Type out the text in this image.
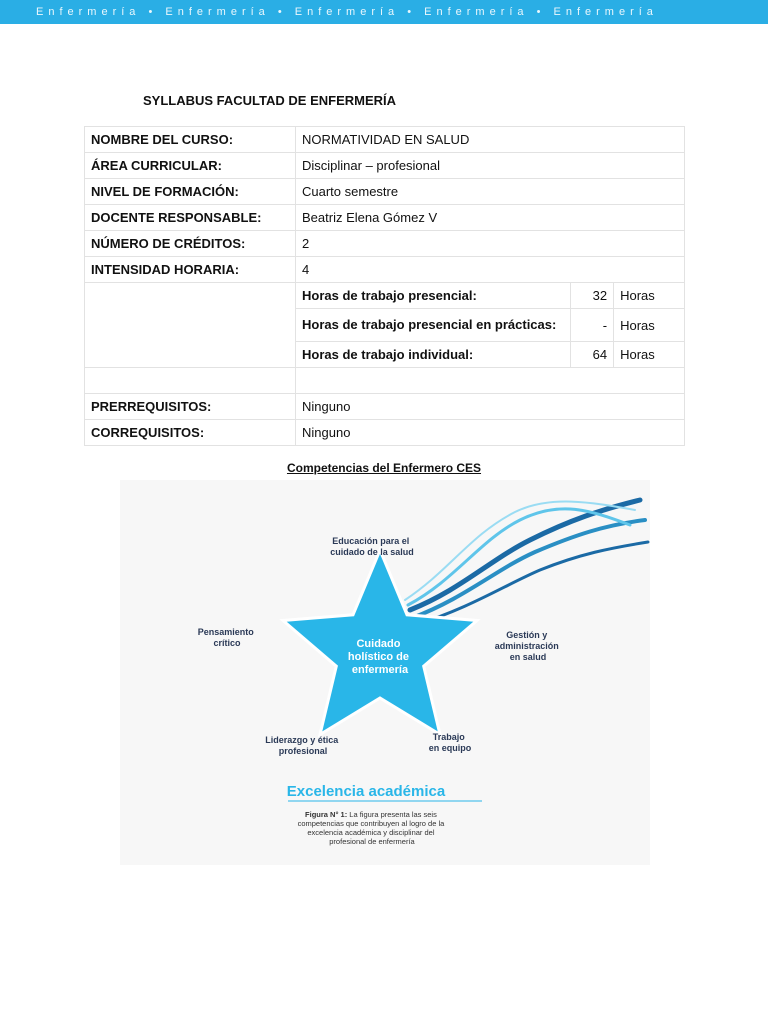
Enfermería • Enfermería • Enfermería • Enfermería • Enfermería
SYLLABUS FACULTAD DE ENFERMERÍA
NOMBRE DEL CURSO:	NORMATIVIDAD EN SALUD
ÁREA CURRICULAR:	Disciplinar – profesional
NIVEL DE FORMACIÓN:	Cuarto semestre
DOCENTE RESPONSABLE:	Beatriz Elena Gómez V
NÚMERO DE CRÉDITOS:	2
INTENSIDAD HORARIA:	4

Horas de trabajo presencial:	32	Horas
Horas de trabajo presencial en prácticas:	-	Horas
Horas de trabajo individual:	64	Horas

PRERREQUISITOS:	Ninguno
CORREQUISITOS:	Ninguno
Competencias del Enfermero CES
Cuidado holístico de enfermería
Educación para el cuidado de la salud
Pensamiento crítico
Gestión y administración en salud
Liderazgo y ética profesional
Trabajo en equipo
Excelencia académica
Figura N° 1: La figura presenta las seis competencias que contribuyen al logro de la excelencia académica y disciplinar del profesional de enfermería
